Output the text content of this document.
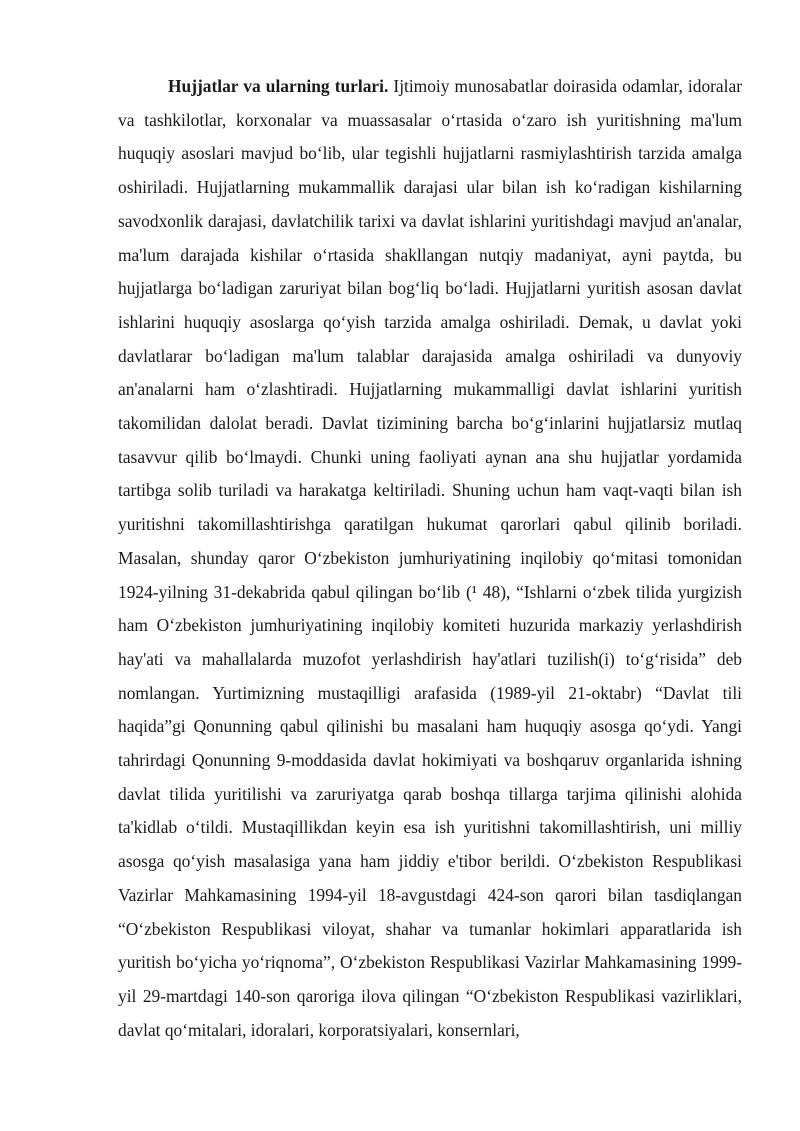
Hujjatlar va ularning turlari. Ijtimoiy munosabatlar doirasida odamlar, idoralar va tashkilotlar, korxonalar va muassasalar o‘rtasida o‘zaro ish yuritishning ma'lum huquqiy asoslari mavjud bo‘lib, ular tegishli hujjatlarni rasmiylashtirish tarzida amalga oshiriladi. Hujjatlarning mukammallik darajasi ular bilan ish ko‘radigan kishilarning savodxonlik darajasi, davlatchilik tarixi va davlat ishlarini yuritishdagi mavjud an'analar, ma'lum darajada kishilar o‘rtasida shakllangan nutqiy madaniyat, ayni paytda, bu hujjatlarga bo‘ladigan zaruriyat bilan bog‘liq bo‘ladi. Hujjatlarni yuritish asosan davlat ishlarini huquqiy asoslarga qo‘yish tarzida amalga oshiriladi. Demak, u davlat yoki davlatlarar bo‘ladigan ma'lum talablar darajasida amalga oshiriladi va dunyoviy an'analarni ham o‘zlashtiradi. Hujjatlarning mukammalligi davlat ishlarini yuritish takomilidan dalolat beradi. Davlat tizimining barcha bo‘g‘inlarini hujjatlarsiz mutlaq tasavvur qilib bo‘lmaydi. Chunki uning faoliyati aynan ana shu hujjatlar yordamida tartibga solib turiladi va harakatga keltiriladi. Shuning uchun ham vaqt-vaqti bilan ish yuritishni takomillashtirishga qaratilgan hukumat qarorlari qabul qilinib boriladi. Masalan, shunday qaror O‘zbekiston jumhuriyatining inqilobiy qo‘mitasi tomonidan 1924-yilning 31-dekabrida qabul qilingan bo‘lib (¹ 48), “Ishlarni o‘zbek tilida yurgizish ham O‘zbekiston jumhuriyatining inqilobiy komiteti huzurida markaziy yerlashdirish hay'ati va mahallalarda muzofot yerlashdirish hay'atlari tuzilish(i) to‘g‘risida” deb nomlangan. Yurtimizning mustaqilligi arafasida (1989-yil 21-oktabr) “Davlat tili haqida”gi Qonunning qabul qilinishi bu masalani ham huquqiy asosga qo‘ydi. Yangi tahrirdagi Qonunning 9-moddasida davlat hokimiyati va boshqaruv organlarida ishning davlat tilida yuritilishi va zaruriyatga qarab boshqa tillarga tarjima qilinishi alohida ta'kidlab o‘tildi. Mustaqillikdan keyin esa ish yuritishni takomillashtirish, uni milliy asosga qo‘yish masalasiga yana ham jiddiy e'tibor berildi. O‘zbekiston Respublikasi Vazirlar Mahkamasining 1994-yil 18-avgustdagi 424-son qarori bilan tasdiqlangan “O‘zbekiston Respublikasi viloyat, shahar va tumanlar hokimlari apparatlarida ish yuritish bo‘yicha yo‘riqnoma”, O‘zbekiston Respublikasi Vazirlar Mahkamasining 1999-yil 29-martdagi 140-son qaroriga ilova qilingan “O‘zbekiston Respublikasi vazirliklari, davlat qo‘mitalari, idoralari, korporatsiyalari, konsernlari,
